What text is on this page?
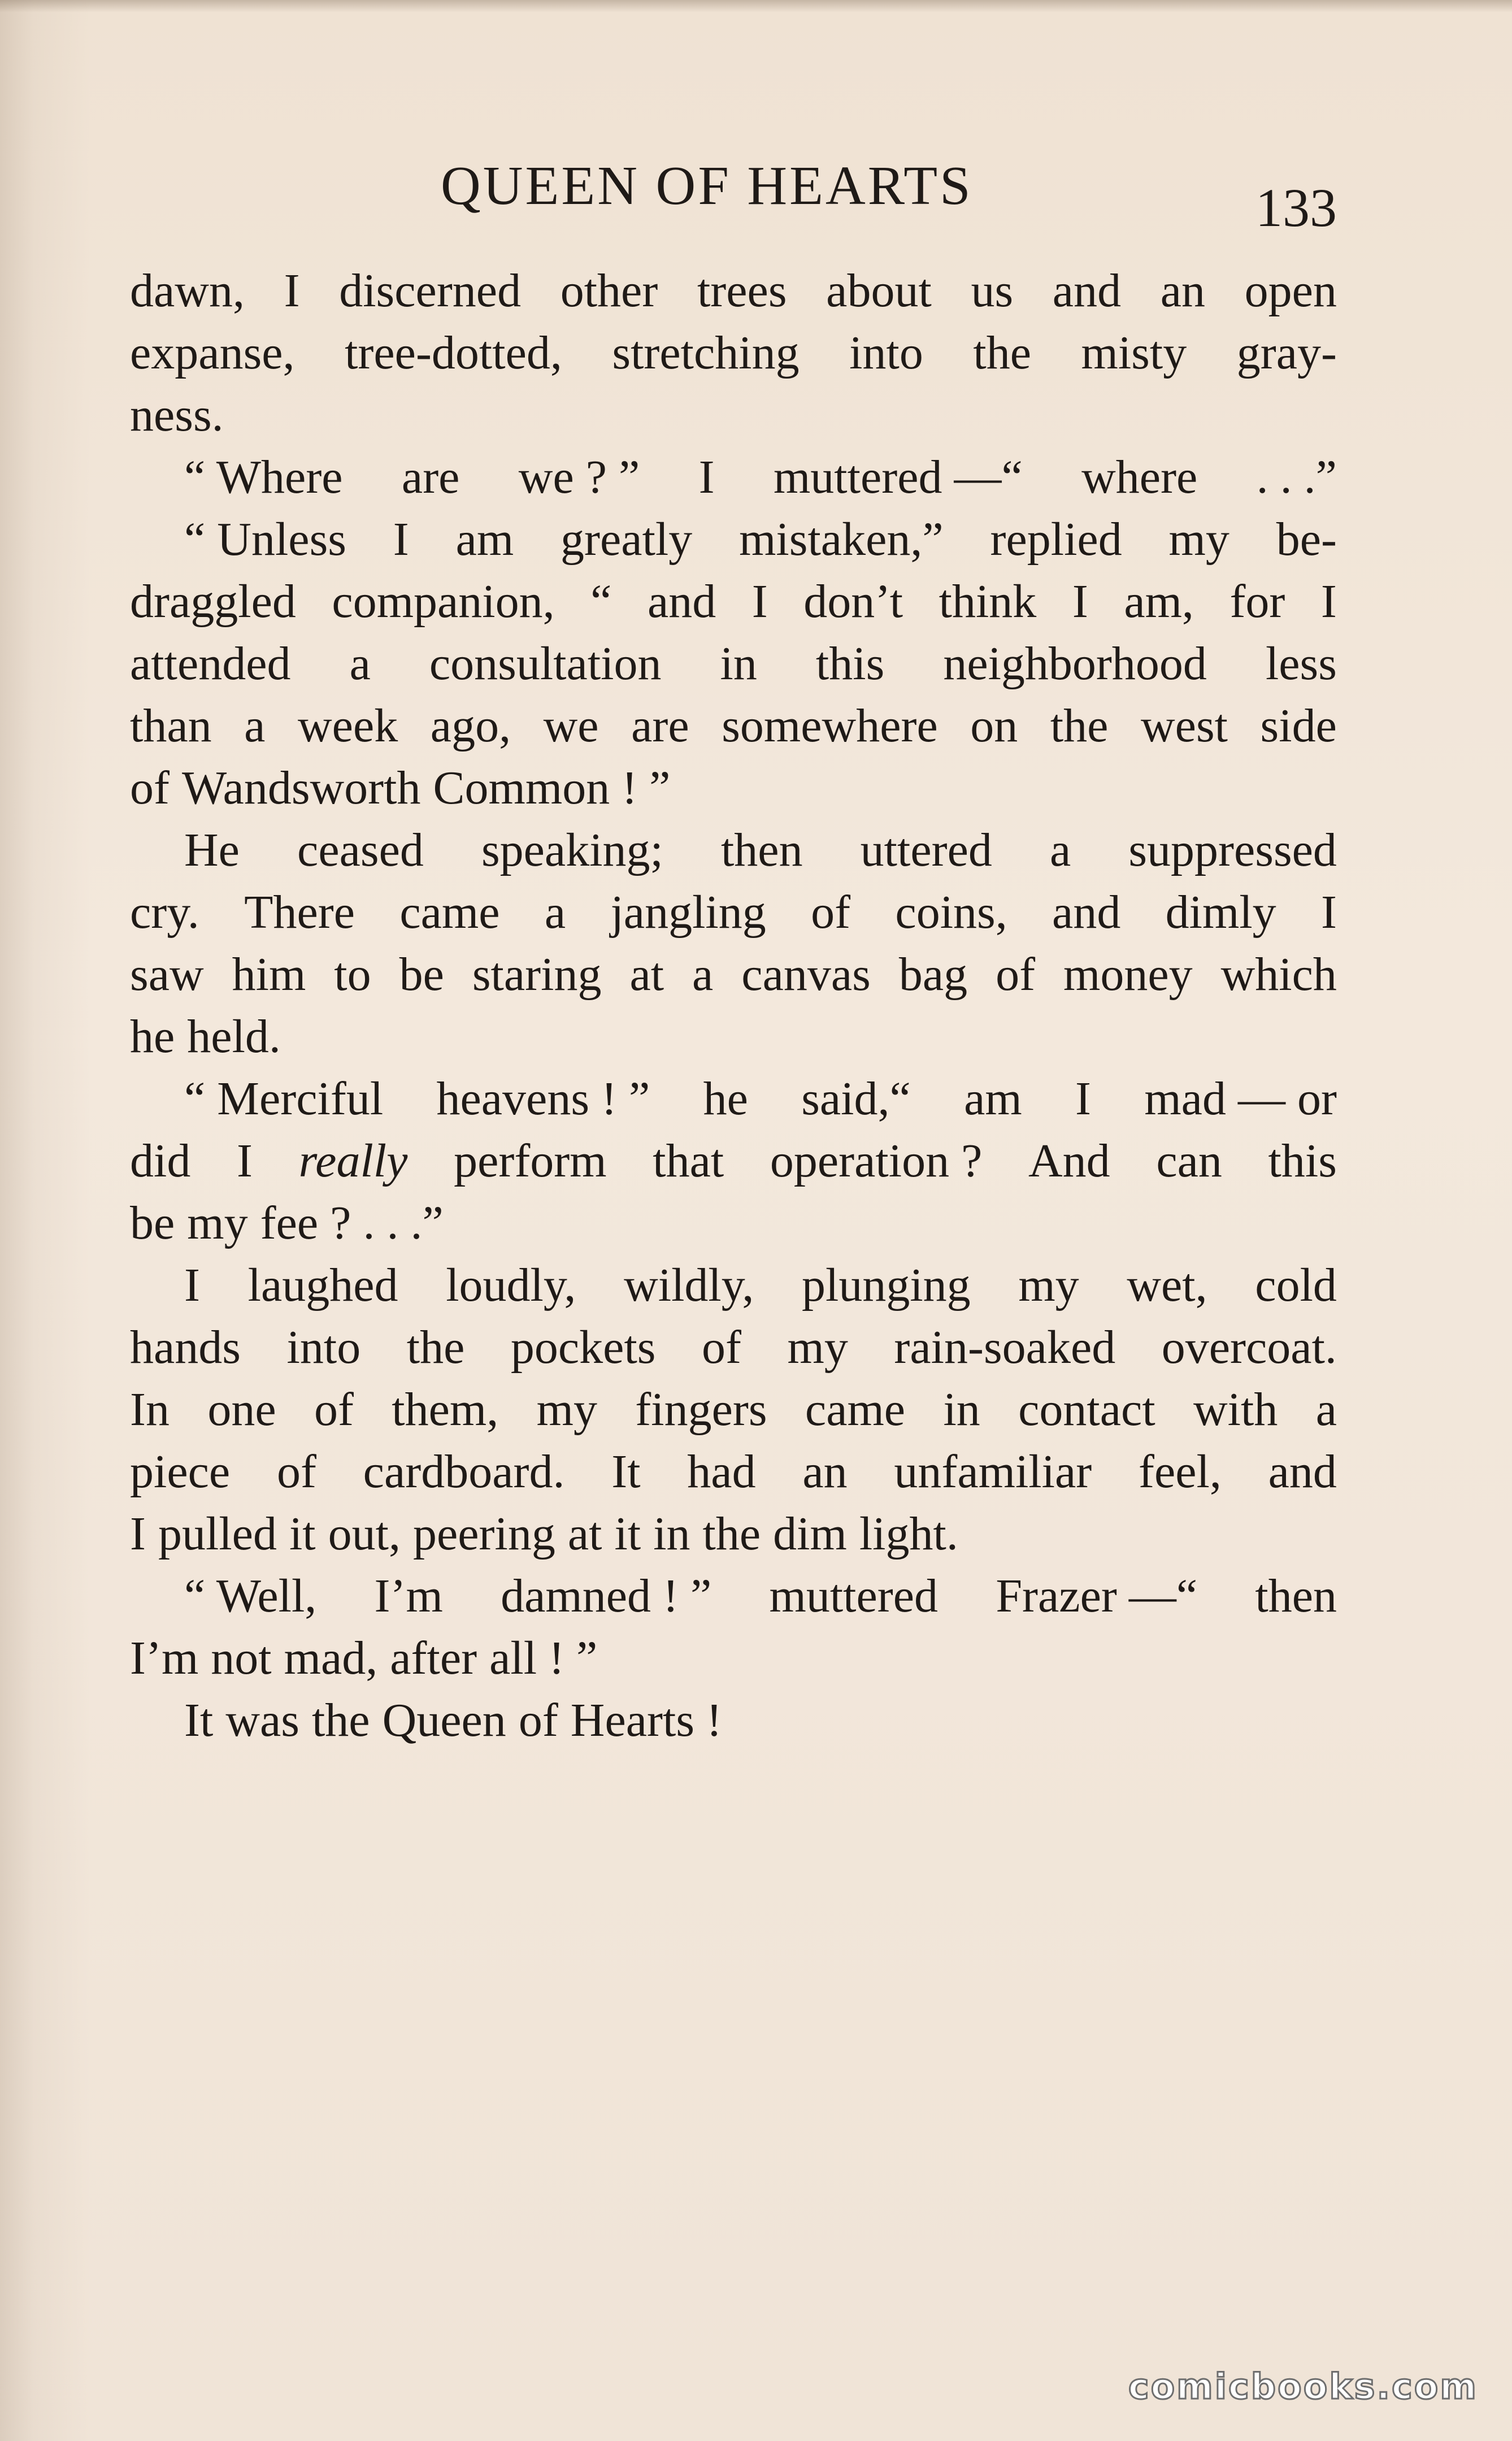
QUEEN OF HEARTS	133
dawn, I discerned other trees about us and an open
expanse, tree-dotted, stretching into the misty gray-
ness.
“ Where are we ? ” I muttered —“ where . . .”
“ Unless I am greatly mistaken,” replied my be-
draggled companion, “ and I don’t think I am, for I
attended a consultation in this neighborhood less
than a week ago, we are somewhere on the west side
of Wandsworth Common ! ”
He ceased speaking; then uttered a suppressed
cry. There came a jangling of coins, and dimly I
saw him to be staring at a canvas bag of money which
he held.
“ Merciful heavens ! ” he said,“ am I mad — or
did I really perform that operation ? And can this
be my fee ? . . .”
I laughed loudly, wildly, plunging my wet, cold
hands into the pockets of my rain-soaked overcoat.
In one of them, my fingers came in contact with a
piece of cardboard. It had an unfamiliar feel, and
I pulled it out, peering at it in the dim light.
“ Well, I’m damned ! ” muttered Frazer —“ then
I’m not mad, after all ! ”
It was the Queen of Hearts !
comicbooks.com
